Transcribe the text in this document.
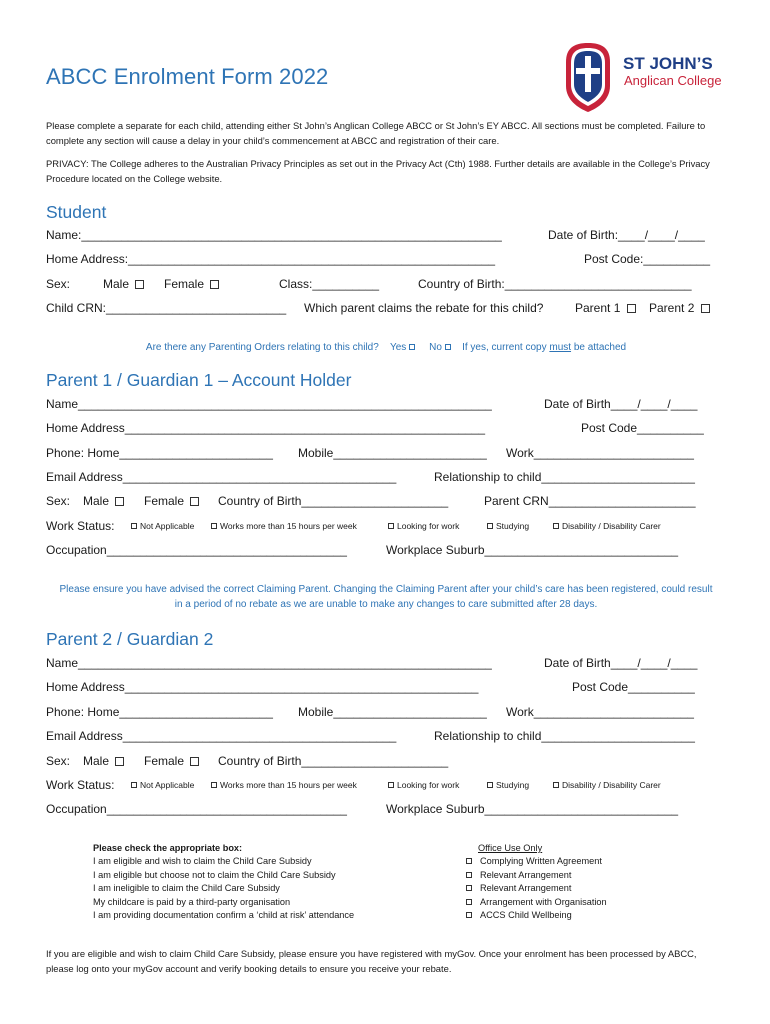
ABCC Enrolment Form 2022
ST JOHN’S
Anglican College
Please complete a separate for each child, attending either St John’s Anglican College ABCC or St John’s EY ABCC. All sections must be completed. Failure to complete any section will cause a delay in your child’s commencement at ABCC and registration of their care.
PRIVACY: The College adheres to the Australian Privacy Principles as set out in the Privacy Act (Cth) 1988. Further details are available in the College’s Privacy Procedure located on the College website.
Student
Name:_______________________________________________________________	Date of Birth:____/____/____
Home Address:_______________________________________________________	Post Code:__________
Sex:	Male	Female	Class:__________	Country of Birth:____________________________
Child CRN:___________________________ Which parent claims the rebate for this child?	Parent 1	Parent 2
Are there any Parenting Orders relating to this child? Yes No If yes, current copy must be attached
Parent 1 / Guardian 1 – Account Holder
Name______________________________________________________________	Date of Birth____/____/____
Home Address______________________________________________________	Post Code__________
Phone: Home_______________________ Mobile_______________________ Work________________________
Email Address_________________________________________	Relationship to child_______________________
Sex: Male	Female	Country of Birth______________________	Parent CRN______________________
Work Status:	Not Applicable	Works more than 15 hours per week	Looking for work	Studying	Disability / Disability Carer
Occupation____________________________________	Workplace Suburb_____________________________
Please ensure you have advised the correct Claiming Parent. Changing the Claiming Parent after your child’s care has been registered, could result in a period of no rebate as we are unable to make any changes to care submitted after 28 days.
Parent 2 / Guardian 2
Name______________________________________________________________	Date of Birth____/____/____
Home Address_____________________________________________________	Post Code__________
Phone: Home_______________________ Mobile_______________________ Work________________________
Email Address_________________________________________	Relationship to child_______________________
Sex: Male	Female	Country of Birth______________________
Work Status:	Not Applicable	Works more than 15 hours per week	Looking for work	Studying	Disability / Disability Carer
Occupation____________________________________	Workplace Suburb_____________________________
Please check the appropriate box:
I am eligible and wish to claim the Child Care Subsidy
I am eligible but choose not to claim the Child Care Subsidy
I am ineligible to claim the Child Care Subsidy
My childcare is paid by a third-party organisation
I am providing documentation confirm a ‘child at risk’ attendance
Office Use Only
Complying Written Agreement
Relevant Arrangement
Relevant Arrangement
Arrangement with Organisation
ACCS Child Wellbeing
If you are eligible and wish to claim Child Care Subsidy, please ensure you have registered with myGov. Once your enrolment has been processed by ABCC, please log onto your myGov account and verify booking details to ensure you receive your rebate.
